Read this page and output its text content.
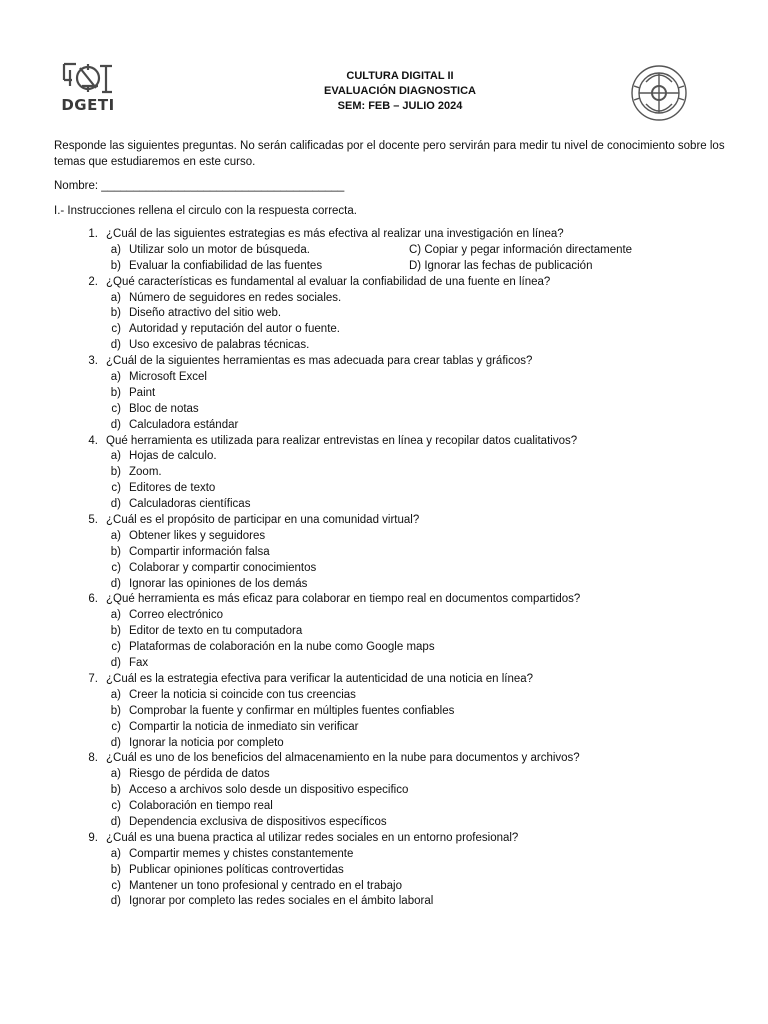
DGETI
CULTURA DIGITAL II
EVALUACIÓN DIAGNOSTICA
SEM: FEB – JULIO 2024
Responde las siguientes preguntas. No serán calificadas por el docente pero servirán para medir tu nivel de conocimiento sobre los temas que estudiaremos en este curso.
Nombre: ______________________________________
I.- Instrucciones rellena el circulo con la respuesta correcta.
1. ¿Cuál de las siguientes estrategias es más efectiva al realizar una investigación en línea?
a) Utilizar solo un motor de búsqueda.	C) Copiar y pegar información directamente
b) Evaluar la confiabilidad de las fuentes	D) Ignorar las fechas de publicación
2. ¿Qué características es fundamental al evaluar la confiabilidad de una fuente en línea?
a) Número de seguidores en redes sociales.
b) Diseño atractivo del sitio web.
c) Autoridad y reputación del autor o fuente.
d) Uso excesivo de palabras técnicas.
3. ¿Cuál de la siguientes herramientas es mas adecuada para crear tablas y gráficos?
a) Microsoft Excel
b) Paint
c) Bloc de notas
d) Calculadora estándar
4. Qué herramienta es utilizada para realizar entrevistas en línea y recopilar datos cualitativos?
a) Hojas de calculo.
b) Zoom.
c) Editores de texto
d) Calculadoras científicas
5. ¿Cuál es el propósito de participar en una comunidad virtual?
a) Obtener likes y seguidores
b) Compartir información falsa
c) Colaborar y compartir conocimientos
d) Ignorar las opiniones de los demás
6. ¿Qué herramienta es más eficaz para colaborar en tiempo real en documentos compartidos?
a) Correo electrónico
b) Editor de texto en tu computadora
c) Plataformas de colaboración en la nube como Google maps
d) Fax
7. ¿Cuál es la estrategia efectiva para verificar la autenticidad de una noticia en línea?
a) Creer la noticia si coincide con tus creencias
b) Comprobar la fuente y confirmar en múltiples fuentes confiables
c) Compartir la noticia de inmediato sin verificar
d) Ignorar la noticia por completo
8. ¿Cuál es uno de los beneficios del almacenamiento en la nube para documentos y archivos?
a) Riesgo de pérdida de datos
b) Acceso a archivos solo desde un dispositivo especifico
c) Colaboración en tiempo real
d) Dependencia exclusiva de dispositivos específicos
9. ¿Cuál es una buena practica al utilizar redes sociales en un entorno profesional?
a) Compartir memes y chistes constantemente
b) Publicar opiniones políticas controvertidas
c) Mantener un tono profesional y centrado en el trabajo
d) Ignorar por completo las redes sociales en el ámbito laboral
